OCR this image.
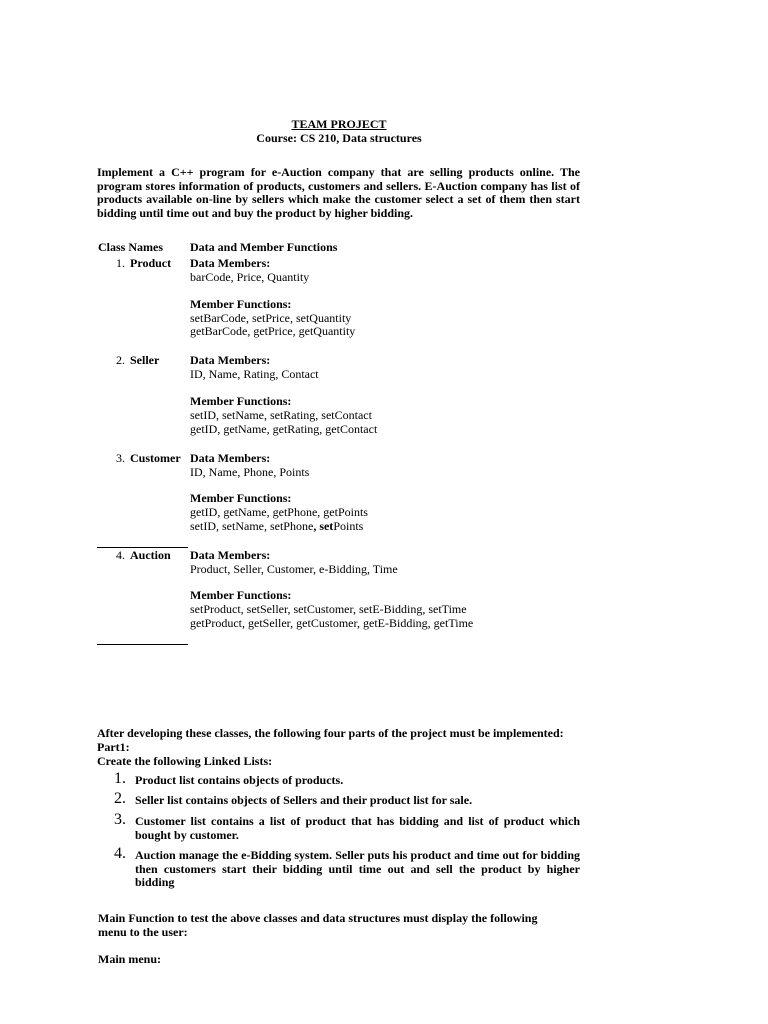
TEAM PROJECT
Course: CS 210, Data structures
Implement a C++ program for e-Auction company that are selling products online. The program stores information of products, customers and sellers. E-Auction company has list of products available on-line by sellers which make the customer select a set of them then start bidding until time out and buy the product by higher bidding.
Class Names Data and Member Functions
1. Product Data Members:
barCode, Price, Quantity
Member Functions:
setBarCode, setPrice, setQuantity
getBarCode, getPrice, getQuantity
2. Seller	Data Members:
ID, Name, Rating, Contact
Member Functions:
setID, setName, setRating, setContact
getID, getName, getRating, getContact
3. Customer Data Members:
ID, Name, Phone, Points
Member Functions:
getID, getName, getPhone, getPoints
setID, setName, setPhone, setPoints
4. Auction Data Members:
Product, Seller, Customer, e-Bidding, Time
Member Functions:
setProduct, setSeller, setCustomer, setE-Bidding, setTime
getProduct, getSeller, getCustomer, getE-Bidding, getTime
After developing these classes, the following four parts of the project must be implemented:
Part1:
Create the following Linked Lists:
1. Product list contains objects of products.
2. Seller list contains objects of Sellers and their product list for sale.
3. Customer list contains a list of product that has bidding and list of product which bought by customer.
4. Auction manage the e-Bidding system. Seller puts his product and time out for bidding then customers start their bidding until time out and sell the product by higher bidding
Main Function to test the above classes and data structures must display the following menu to the user:
Main menu:
